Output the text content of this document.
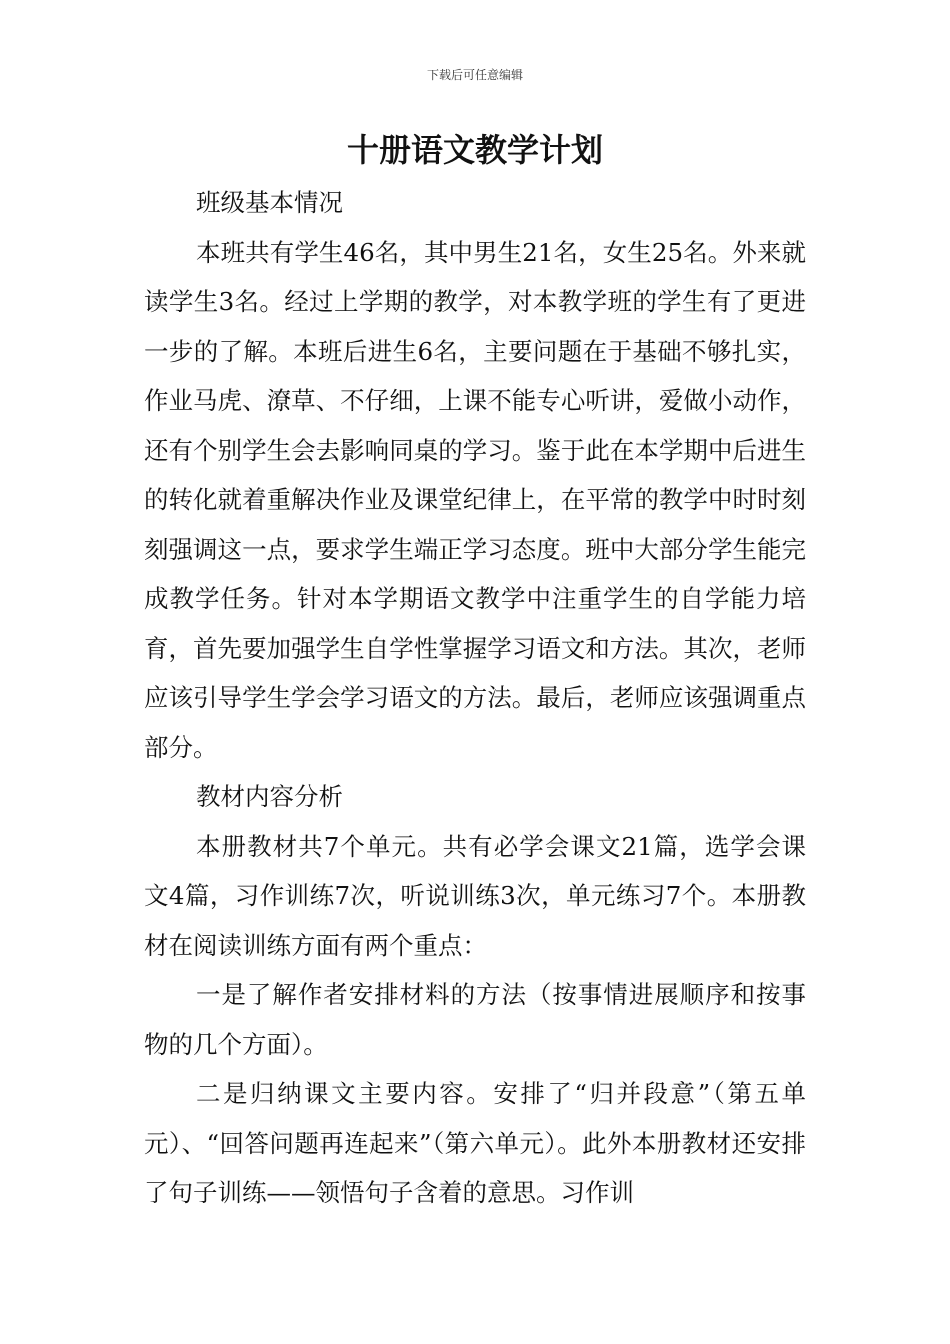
下载后可任意编辑
十册语文教学计划

班级基本情况

本班共有学生46名，其中男生21名，女生25名。外来就读学生3名。经过上学期的教学，对本教学班的学生有了更进一步的了解。本班后进生6名，主要问题在于基础不够扎实，作业马虎、潦草、不仔细，上课不能专心听讲，爱做小动作，还有个别学生会去影响同桌的学习。鉴于此在本学期中后进生的转化就着重解决作业及课堂纪律上，在平常的教学中时时刻刻强调这一点，要求学生端正学习态度。班中大部分学生能完成教学任务。针对本学期语文教学中注重学生的自学能力培育，首先要加强学生自学性掌握学习语文和方法。其次，老师应该引导学生学会学习语文的方法。最后，老师应该强调重点部分。

教材内容分析

本册教材共7个单元。共有必学会课文21篇，选学会课文4篇，习作训练7次，听说训练3次，单元练习7个。本册教材在阅读训练方面有两个重点：

一是了解作者安排材料的方法（按事情进展顺序和按事物的几个方面）。

二是归纳课文主要内容。安排了“归并段意”（第五单元）、“回答问题再连起来”（第六单元）。此外本册教材还安排了句子训练——领悟句子含着的意思。习作训
